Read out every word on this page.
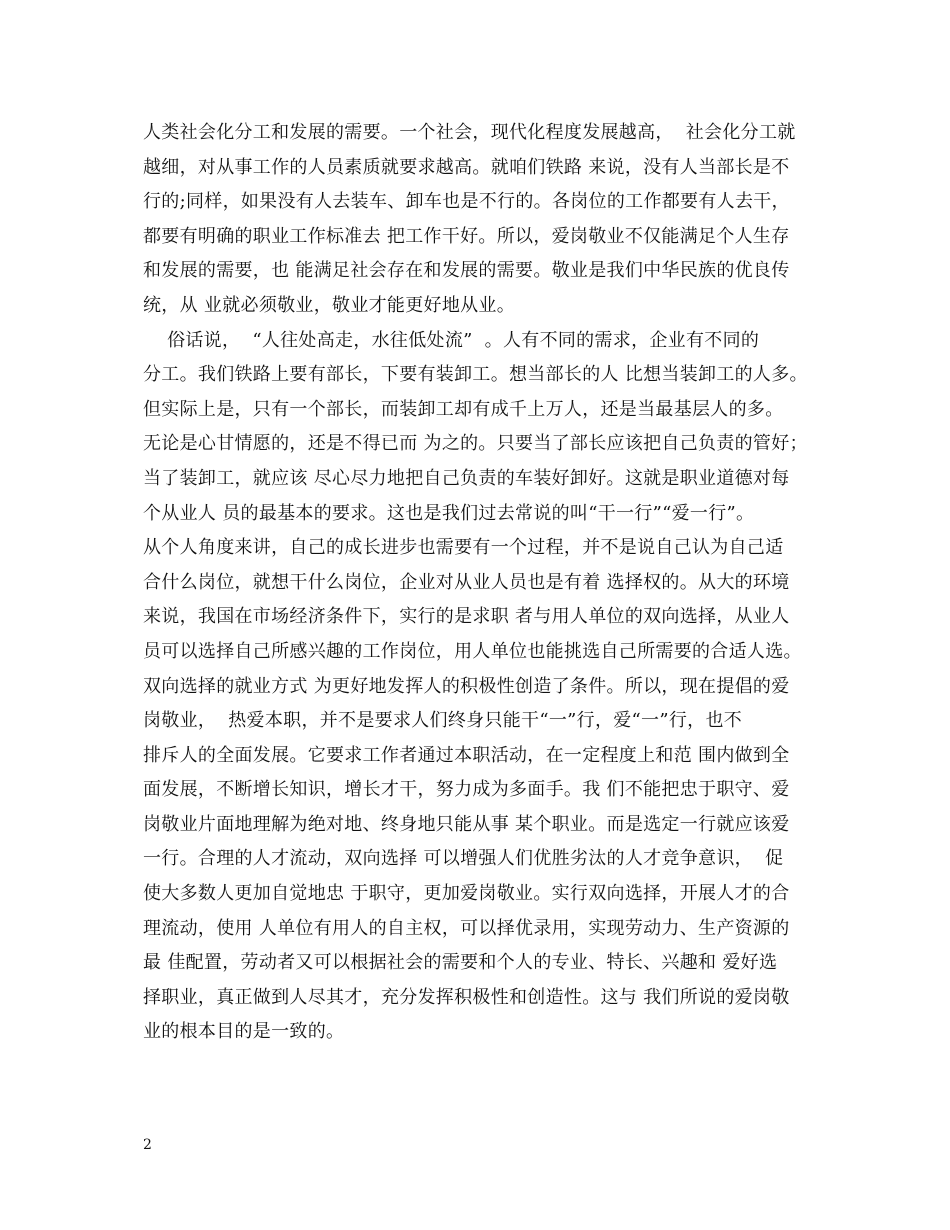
人类社会化分工和发展的需要。一个社会，现代化程度发展越高，  社会化分工就
越细，对从事工作的人员素质就要求越高。就咱们铁路 来说，没有人当部长是不
行的;同样，如果没有人去装车、卸车也是不行的。各岗位的工作都要有人去干，
都要有明确的职业工作标准去 把工作干好。所以，爱岗敬业不仅能满足个人生存
和发展的需要，也 能满足社会存在和发展的需要。敬业是我们中华民族的优良传
统，从 业就必须敬业，敬业才能更好地从业。
俗话说，  “人往处高走，水往低处流”  。人有不同的需求，企业有不同的
分工。我们铁路上要有部长，下要有装卸工。想当部长的人 比想当装卸工的人多。
但实际上是，只有一个部长，而装卸工却有成千上万人，还是当最基层人的多。
无论是心甘情愿的，还是不得已而 为之的。只要当了部长应该把自己负责的管好；
当了装卸工，就应该 尽心尽力地把自己负责的车装好卸好。这就是职业道德对每
个从业人 员的最基本的要求。这也是我们过去常说的叫“干一行”“爱一行”。
从个人角度来讲，自己的成长进步也需要有一个过程，并不是说自己认为自己适
合什么岗位，就想干什么岗位，企业对从业人员也是有着 选择权的。从大的环境
来说，我国在市场经济条件下，实行的是求职 者与用人单位的双向选择，从业人
员可以选择自己所感兴趣的工作岗位，用人单位也能挑选自己所需要的合适人选。
双向选择的就业方式 为更好地发挥人的积极性创造了条件。所以，现在提倡的爱
岗敬业，  热爱本职，并不是要求人们终身只能干“一”行，爱“一”行，也不
排斥人的全面发展。它要求工作者通过本职活动，在一定程度上和范 围内做到全
面发展，不断增长知识，增长才干，努力成为多面手。我 们不能把忠于职守、爱
岗敬业片面地理解为绝对地、终身地只能从事 某个职业。而是选定一行就应该爱
一行。合理的人才流动，双向选择 可以增强人们优胜劣汰的人才竞争意识，  促
使大多数人更加自觉地忠 于职守，更加爱岗敬业。实行双向选择，开展人才的合
理流动，使用 人单位有用人的自主权，可以择优录用，实现劳动力、生产资源的
最 佳配置，劳动者又可以根据社会的需要和个人的专业、特长、兴趣和 爱好选
择职业，真正做到人尽其才，充分发挥积极性和创造性。这与 我们所说的爱岗敬
业的根本目的是一致的。
2
